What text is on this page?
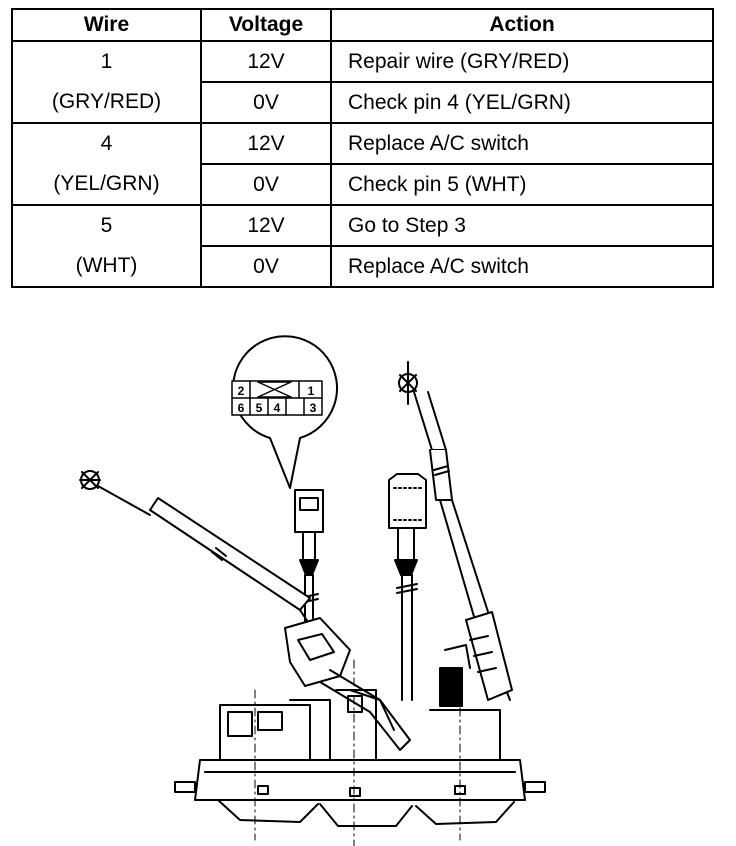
Wire	Voltage	Action

1
(GRY/RED)	12V	Repair wire (GRY/RED)
	0V	Check pin 4 (YEL/GRN)

4
(YEL/GRN)	12V	Replace A/C switch
	0V	Check pin 5 (WHT)

5
(WHT)	12V	Go to Step 3
	0V	Replace A/C switch
2	1
6 5 4 3
